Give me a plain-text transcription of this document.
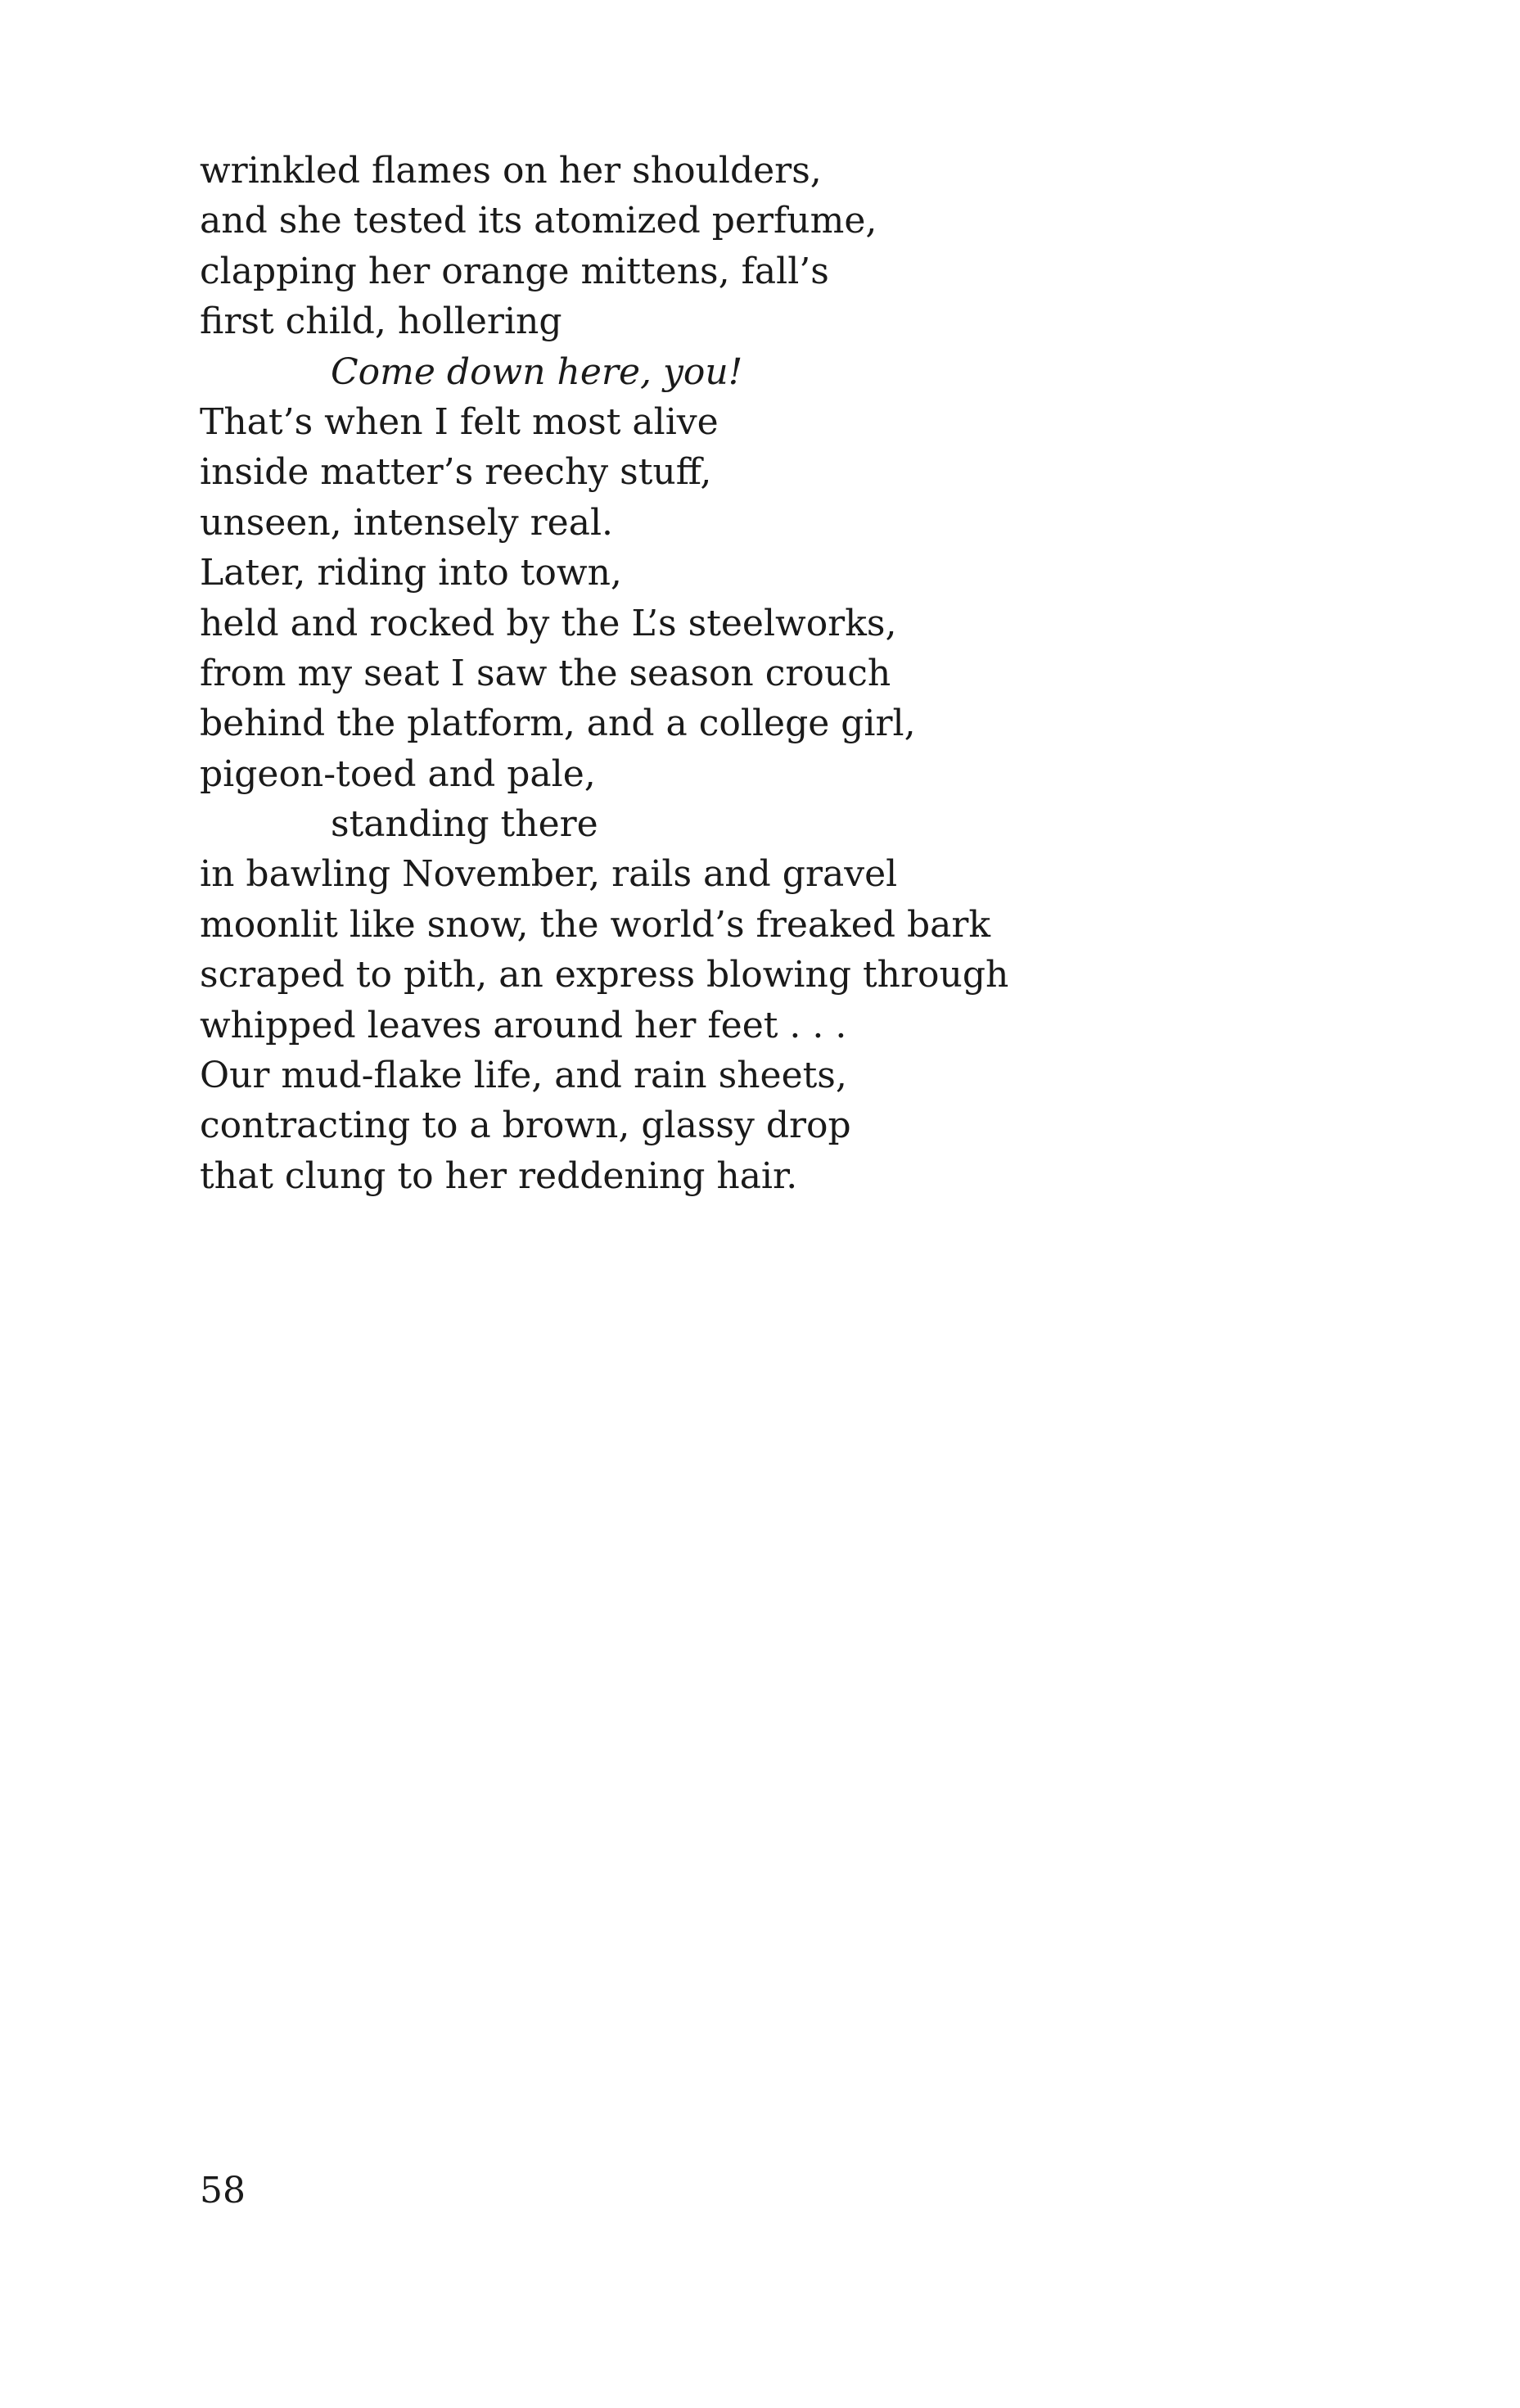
wrinkled flames on her shoulders,
and she tested its atomized perfume,
clapping her orange mittens, fall’s
first child, hollering
Come down here, you!
That’s when I felt most alive
inside matter’s reechy stuff,
unseen, intensely real.
Later, riding into town,
held and rocked by the L’s steelworks,
from my seat I saw the season crouch
behind the platform, and a college girl,
pigeon-toed and pale,
standing there
in bawling November, rails and gravel
moonlit like snow, the world’s freaked bark
scraped to pith, an express blowing through
whipped leaves around her feet . . .
Our mud-flake life, and rain sheets,
contracting to a brown, glassy drop
that clung to her reddening hair.
58
